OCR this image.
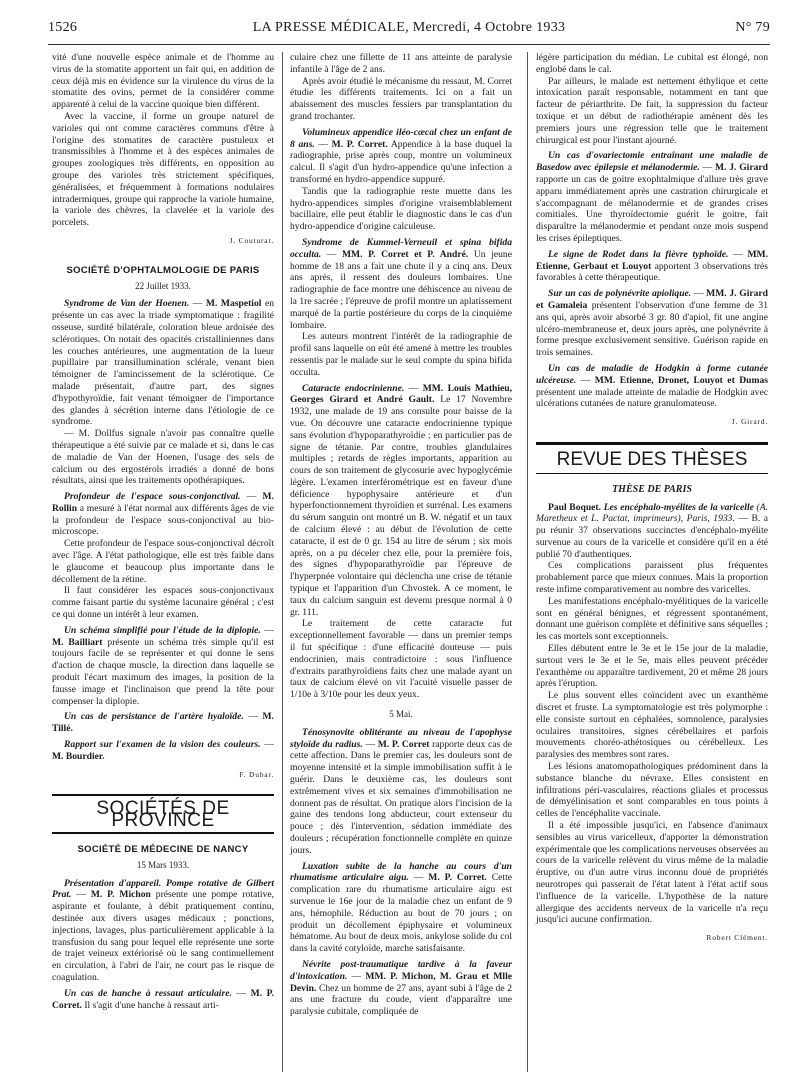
1526	LA PRESSE MÉDICALE, Mercredi, 4 Octobre 1933	N° 79

vité d'une nouvelle espèce animale et de l'homme au virus de la stomatite apportent un fait qui, en addition de ceux déjà mis en évidence sur la virulence du virus de la stomatite des ovins, permet de la considérer comme apparenté à celui de la vaccine quoique bien différent.

Avec la vaccine, il forme un groupe naturel de varioles qui ont comme caractères communs d'être à l'origine des stomatites de caractère pustuleux et transmissibles à l'homme et à des espèces animales de groupes zoologiques très différents, en opposition au groupe des varioles très strictement spécifiques, généralisées, et fréquemment à formations nodulaires intradermiques, groupe qui rapproche la variole humaine, la variole des chèvres, la clavelée et la variole des porcelets.

J. Couturat.
SOCIÉTÉ D'OPHTALMOLOGIE DE PARIS
22 Juillet 1933.

Syndrome de Van der Hoenen. — M. Maspetiol en présente un cas avec la triade symptomatique : fragilité osseuse, surdité bilatérale, coloration bleue ardoisée des sclérotiques. On notait des opacités cristalliniennes dans les couches antérieures, une augmentation de la lueur pupillaire par transillumination sclérale, venant bien témoigner de l'amincissement de la sclérotique. Ce malade présentait, d'autre part, des signes d'hypothyroïdie, fait venant témoigner de l'importance des glandes à sécrétion interne dans l'étiologie de ce syndrome.

— M. Dollfus signale n'avoir pas connaître quelle thérapeutique a été suivie par ce malade et si, dans le cas de maladie de Van der Hoenen, l'usage des sels de calcium ou des ergostérols irradiés a donné de bons résultats, ainsi que les traitements opothérapiques.

Profondeur de l'espace sous-conjonctival. — M. Rollin a mesuré à l'état normal aux différents âges de vie la profondeur de l'espace sous-conjonctival au bio-microscope.

Cette profondeur de l'espace sous-conjonctival décroît avec l'âge. A l'état pathologique, elle est très faible dans le glaucome et beaucoup plus importante dans le décollement de la rétine.

Il faut considérer les espaces sous-conjonctivaux comme faisant partie du système lacunaire général ; c'est ce qui donne un intérêt à leur examen.

Un schéma simplifié pour l'étude de la diplopie. — M. Bailliart présente un schéma très simple qu'il est toujours facile de se représenter et qui donne le sens d'action de chaque muscle, la direction dans laquelle se produit l'écart maximum des images, la position de la fausse image et l'inclinaison que prend la tête pour compenser la diplopie.

Un cas de persistance de l'artère hyaloïde. — M. Tillé.

Rapport sur l'examen de la vision des couleurs. — M. Bourdier.

F. Dubar.
SOCIÉTÉS DE PROVINCE
SOCIÉTÉ DE MÉDECINE DE NANCY
15 Mars 1933.

Présentation d'appareil. Pompe rotative de Gilbert Prat. — M. P. Michon présente une pompe rotative, aspirante et foulante, à débit pratiquement continu, destinée aux divers usages médicaux ; ponctions, injections, lavages, plus particulièrement applicable à la transfusion du sang pour lequel elle représente une sorte de trajet veineux extériorisé où le sang continuellement en circulation, à l'abri de l'air, ne court pas le risque de coagulation.

Un cas de hanche à ressaut articulaire. — M. P. Corret. Il s'agit d'une hanche à ressaut arti-

culaire chez une fillette de 11 ans atteinte de paralysie infantile à l'âge de 2 ans.

Après avoir étudié le mécanisme du ressaut, M. Corret étudie les différents traitements. Ici on a fait un abaissement des muscles fessiers par transplantation du grand trochanter.

Volumineux appendice iléo-cæcal chez un enfant de 8 ans. — M. P. Corret. Appendice à la base duquel la radiographie, prise après coup, montre un volumineux calcul. Il s'agit d'un hydro-appendice qu'une infection a transformé en hydro-appendice suppuré.

Tandis que la radiographie reste muette dans les hydro-appendices simples d'origine vraisemblablement bacillaire, elle peut établir le diagnostic dans le cas d'un hydro-appendice d'origine calculeuse.

Syndrome de Kummel-Verneuil et spina bifida occulta. — MM. P. Corret et P. André. Un jeune homme de 18 ans a fait une chute il y a cinq ans. Deux ans après, il ressent des douleurs lombaires. Une radiographie de face montre une déhiscence au niveau de la 1re sacrée ; l'épreuve de profil montre un aplatissement marqué de la partie postérieure du corps de la cinquième lombaire.

Les auteurs montrent l'intérêt de la radiographie de profil sans laquelle on eût été amené à mettre les troubles ressentis par le malade sur le seul compte du spina bifida occulta.

Cataracte endocrinienne. — MM. Louis Mathieu, Georges Girard et André Gault. Le 17 Novembre 1932, une malade de 19 ans consulte pour baisse de la vue. On découvre une cataracte endocrinienne typique sans évolution d'hypoparathyroïdie ; en particulier pas de signe de tétanie. Par contre, troubles glandulaires multiples ; retards de règles importants, apparition au cours de son traitement de glycosurie avec hypoglycémie légère. L'examen interférométrique est en faveur d'une déficience hypophysaire antérieure et d'un hyperfonctionnement thyroïdien et surrénal. Les examens du sérum sanguin ont montré un B. W. négatif et un taux de calcium élevé : au début de l'évolution de cette cataracte, il est de 0 gr. 154 au litre de sérum ; six mois après, on a pu déceler chez elle, pour la première fois, des signes d'hypoparathyroïdie par l'épreuve de l'hyperpnée volontaire qui déclencha une crise de tétanie typique et l'apparition d'un Chvostek. A ce moment, le taux du calcium sanguin est devenu presque normal à 0 gr. 111.

Le traitement de cette cataracte fut exceptionnellement favorable — dans un premier temps il fut spécifique : d'une efficacité douteuse — puis endocrinien, mais contradictoire : sous l'influence d'extraits parathyroïdiens faits chez une malade ayant un taux de calcium élevé on vit l'acuité visuelle passer de 1/10e à 3/10e pour les deux yeux.

5 Mai.

Ténosynovite oblitérante au niveau de l'apophyse styloïde du radius. — M. P. Corret rapporte deux cas de cette affection. Dans le premier cas, les douleurs sont de moyenne intensité et la simple immobilisation suffit à le guérir. Dans le deuxième cas, les douleurs sont extrêmement vives et six semaines d'immobilisation ne donnent pas de résultat. On pratique alors l'incision de la gaine des tendons long abducteur, court extenseur du pouce ; dès l'intervention, sédation immédiate des douleurs ; récupération fonctionnelle complète en quinze jours.

Luxation subite de la hanche au cours d'un rhumatisme articulaire aigu. — M. P. Corret. Cette complication rare du rhumatisme articulaire aigu est survenue le 16e jour de la maladie chez un enfant de 9 ans, hémophile. Réduction au bout de 70 jours ; on produit un décollement épiphysaire et volumineux hématome. Au bout de deux mois, ankylose solide du col dans la cavité cotyloïde, marche satisfaisante.

Névrite post-traumatique tardive à la faveur d'intoxication. — MM. P. Michon, M. Grau et Mlle Devin. Chez un homme de 27 ans, ayant subi à l'âge de 2 ans une fracture du coude, vient d'apparaître une paralysie cubitale, compliquée de

légère participation du médian. Le cubital est élongé, non englobé dans le cal.

Par ailleurs, le malade est nettement éthylique et cette intoxication paraît responsable, notamment en tant que facteur de périarthrite. De fait, la suppression du facteur toxique et un début de radiothérapie amènent dès les premiers jours une régression telle que le traitement chirurgical est pour l'instant ajourné.

Un cas d'ovariectomie entraînant une maladie de Basedow avec épilepsie et mélanodermie. — M. J. Girard rapporte un cas de goitre exophtalmique d'allure très grave apparu immédiatement après une castration chirurgicale et s'accompagnant de mélanodermie et de grandes crises comitiales. Une thyroïdectomie guérit le goitre, fait disparaître la mélanodermie et pendant onze mois suspend les crises épileptiques.

Le signe de Rodet dans la fièvre typhoïde. — MM. Etienne, Gerbaut et Louyot apportent 3 observations très favorables à cette thérapeutique.

Sur un cas de polynévrite apiolique. — MM. J. Girard et Gamaleia présentent l'observation d'une femme de 31 ans qui, après avoir absorbé 3 gr. 80 d'apiol, fit une angine ulcéro-membraneuse et, deux jours après, une polynévrite à forme presque exclusivement sensitive. Guérison rapide en trois semaines.

Un cas de maladie de Hodgkin à forme cutanée ulcéreuse. — MM. Etienne, Dronet, Louyot et Dumas présentent une malade atteinte de maladie de Hodgkin avec ulcérations cutanées de nature granulomateuse.

J. Girard.
REVUE DES THÈSES
THÈSE DE PARIS

Paul Boquet. Les encéphalo-myélites de la varicelle (A. Maretheux et L. Pactat, imprimeurs), Paris, 1933. — B. a pu réunir 37 observations succinctes d'encéphalo-myélite survenue au cours de la varicelle et considère qu'il en a été publié 70 d'authentiques.

Ces complications paraissent plus fréquentes probablement parce que mieux connues. Mais la proportion reste infime comparativement au nombre des varicelles.

Les manifestations encéphalo-myélitiques de la varicelle sont en général bénignes, et régressent spontanément, donnant une guérison complète et définitive sans séquelles ; les cas mortels sont exceptionnels.

Elles débutent entre le 3e et le 15e jour de la maladie, surtout vers le 3e et le 5e, mais elles peuvent précéder l'exanthème ou apparaître tardivement, 20 et même 28 jours après l'éruption.

Le plus souvent elles coïncident avec un exanthème discret et fruste. La symptomatologie est très polymorphe : elle consiste surtout en céphalées, somnolence, paralysies oculaires transitoires, signes cérébellaires et parfois mouvements choréo-athétosiques ou cérébelleux. Les paralysies des membres sont rares.

Les lésions anatomopathologiques prédominent dans la substance blanche du névraxe. Elles consistent en infiltrations péri-vasculaires, réactions gliales et processus de démyélinisation et sont comparables en tous points à celles de l'encéphalite vaccinale.

Il a été impossible jusqu'ici, en l'absence d'animaux sensibles au virus varicelleux, d'apporter la démonstration expérimentale que les complications nerveuses observées au cours de la varicelle relèvent du virus même de la maladie éruptive, ou d'un autre virus inconnu doué de propriétés neurotropes qui passerait de l'état latent à l'état actif sous l'influence de la varicelle. L'hypothèse de la nature allergique des accidents nerveux de la varicelle n'a reçu jusqu'ici aucune confirmation.

Robert Clément.
